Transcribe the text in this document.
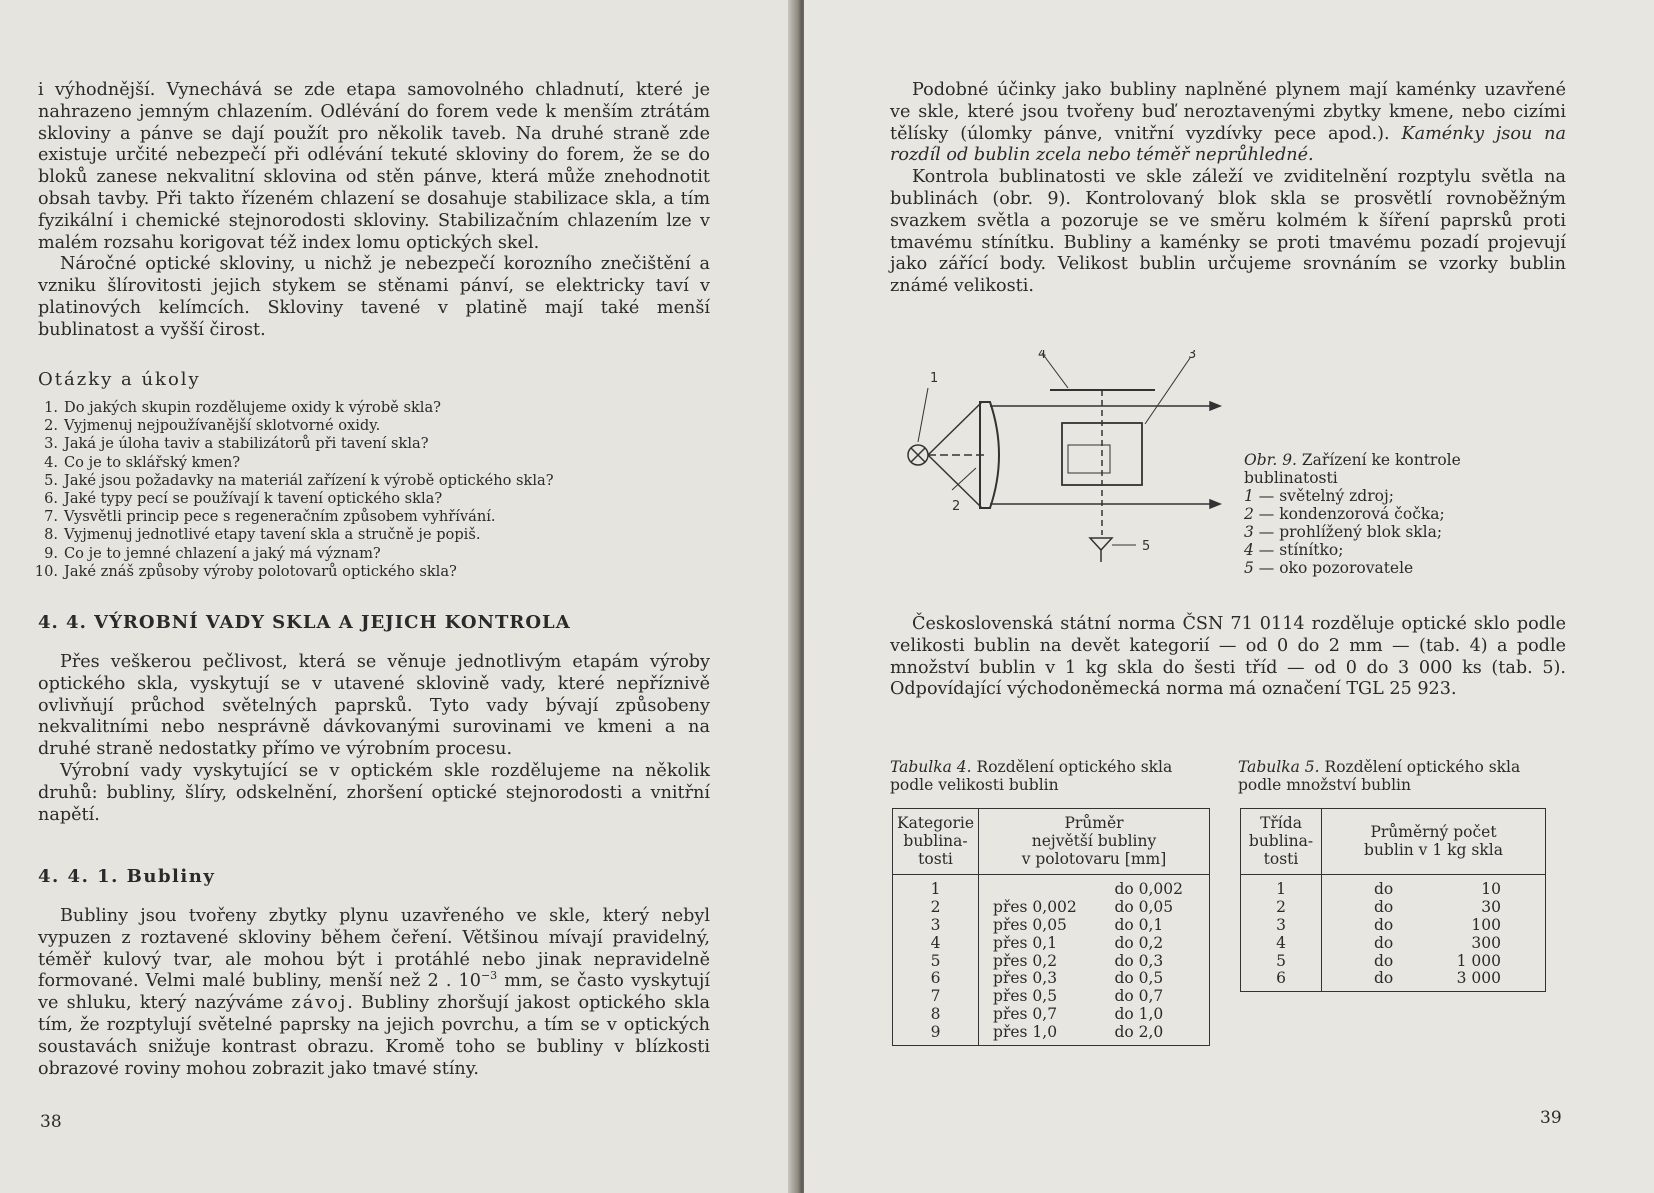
i výhodnější. Vynechává se zde etapa samovolného chladnutí, které je nahrazeno jemným chlazením. Odlévání do forem vede k menším ztrátám skloviny a pánve se dají použít pro několik taveb. Na druhé straně zde existuje určité nebezpečí při odlévání tekuté skloviny do forem, že se do bloků zanese nekvalitní sklovina od stěn pánve, která může znehodnotit obsah tavby. Při takto řízeném chlazení se dosahuje stabilizace skla, a tím fyzikální i chemické stejnorodosti skloviny. Stabilizačním chlazením lze v malém rozsahu korigovat též index lomu optických skel.

Náročné optické skloviny, u nichž je nebezpečí korozního znečištění a vzniku šlírovitosti jejich stykem se stěnami pánví, se elektricky taví v platinových kelímcích. Skloviny tavené v platině mají také menší bublinatost a vyšší čirost.

Otázky a úkoly
1. Do jakých skupin rozdělujeme oxidy k výrobě skla?
2. Vyjmenuj nejpoužívanější sklotvorné oxidy.
3. Jaká je úloha taviv a stabilizátorů při tavení skla?
4. Co je to sklářský kmen?
5. Jaké jsou požadavky na materiál zařízení k výrobě optického skla?
6. Jaké typy pecí se používají k tavení optického skla?
7. Vysvětli princip pece s regeneračním způsobem vyhřívání.
8. Vyjmenuj jednotlivé etapy tavení skla a stručně je popiš.
9. Co je to jemné chlazení a jaký má význam?
10. Jaké znáš způsoby výroby polotovarů optického skla?
4. 4. VÝROBNÍ VADY SKLA A JEJICH KONTROLA

Přes veškerou pečlivost, která se věnuje jednotlivým etapám výroby optického skla, vyskytují se v utavené sklovině vady, které nepříznivě ovlivňují průchod světelných paprsků. Tyto vady bývají způsobeny nekvalitními nebo nesprávně dávkovanými surovinami ve kmeni a na druhé straně nedostatky přímo ve výrobním procesu.

Výrobní vady vyskytující se v optickém skle rozdělujeme na několik druhů: bubliny, šlíry, odskelnění, zhoršení optické stejnorodosti a vnitřní napětí.

4. 4. 1. Bubliny

Bubliny jsou tvořeny zbytky plynu uzavřeného ve skle, který nebyl vypuzen z roztavené skloviny během čeření. Většinou mívají pravidelný, téměř kulový tvar, ale mohou být i protáhlé nebo jinak nepravidelně formované. Velmi malé bubliny, menší než 2 . $10^{-3}$ mm, se často vyskytují ve shluku, který nazýváme závoj. Bubliny zhoršují jakost optického skla tím, že rozptylují světelné paprsky na jejich povrchu, a tím se v optických soustavách snižuje kontrast obrazu. Kromě toho se bubliny v blízkosti obrazové roviny mohou zobrazit jako tmavé stíny.

38

Podobné účinky jako bubliny naplněné plynem mají kaménky uzavřené ve skle, které jsou tvořeny buď neroztavenými zbytky kmene, nebo cizími tělísky (úlomky pánve, vnitřní vyzdívky pece apod.). Kaménky jsou na rozdíl od bublin zcela nebo téměř neprůhledné.

Kontrola bublinatosti ve skle záleží ve zviditelnění rozptylu světla na bublinách (obr. 9). Kontrolovaný blok skla se prosvětlí rovnoběžným svazkem světla a pozoruje se ve směru kolmém k šíření paprsků proti tmavému stínítku. Bubliny a kaménky se proti tmavému pozadí projevují jako zářící body. Velikost bublin určujeme srovnáním se vzorky bublin známé velikosti.

1
2
3
4
5
Obr. 9. Zařízení ke kontrole bublinatosti
1 — světelný zdroj;
2 — kondenzorová čočka;
3 — prohlížený blok skla;
4 — stínítko;
5 — oko pozorovatele

Československá státní norma ČSN 71 0114 rozděluje optické sklo podle velikosti bublin na devět kategorií — od 0 do 2 mm — (tab. 4) a podle množství bublin v 1 kg skla do šesti tříd — od 0 do 3 000 ks (tab. 5). Odpovídající východoněmecká norma má označení TGL 25 923.

Tabulka 4. Rozdělení optického skla podle velikosti bublin
Tabulka 5. Rozdělení optického skla podle množství bublin
Kategorie
bublina-
tosti	Průměr
největší bubliny
v polotovaru [mm]	
1		do 0,002
2	přes 0,002	do 0,05
3	přes 0,05	do 0,1
4	přes 0,1	do 0,2
5	přes 0,2	do 0,3
6	přes 0,3	do 0,5
7	přes 0,5	do 0,7
8	přes 0,7	do 1,0
9	přes 1,0	do 2,0
Třída
bublina-
tosti	Průměrný počet
bublin v 1 kg skla	
1	do	10
2	do	30
3	do	100
4	do	300
5	do	1 000
6	do	3 000
39
